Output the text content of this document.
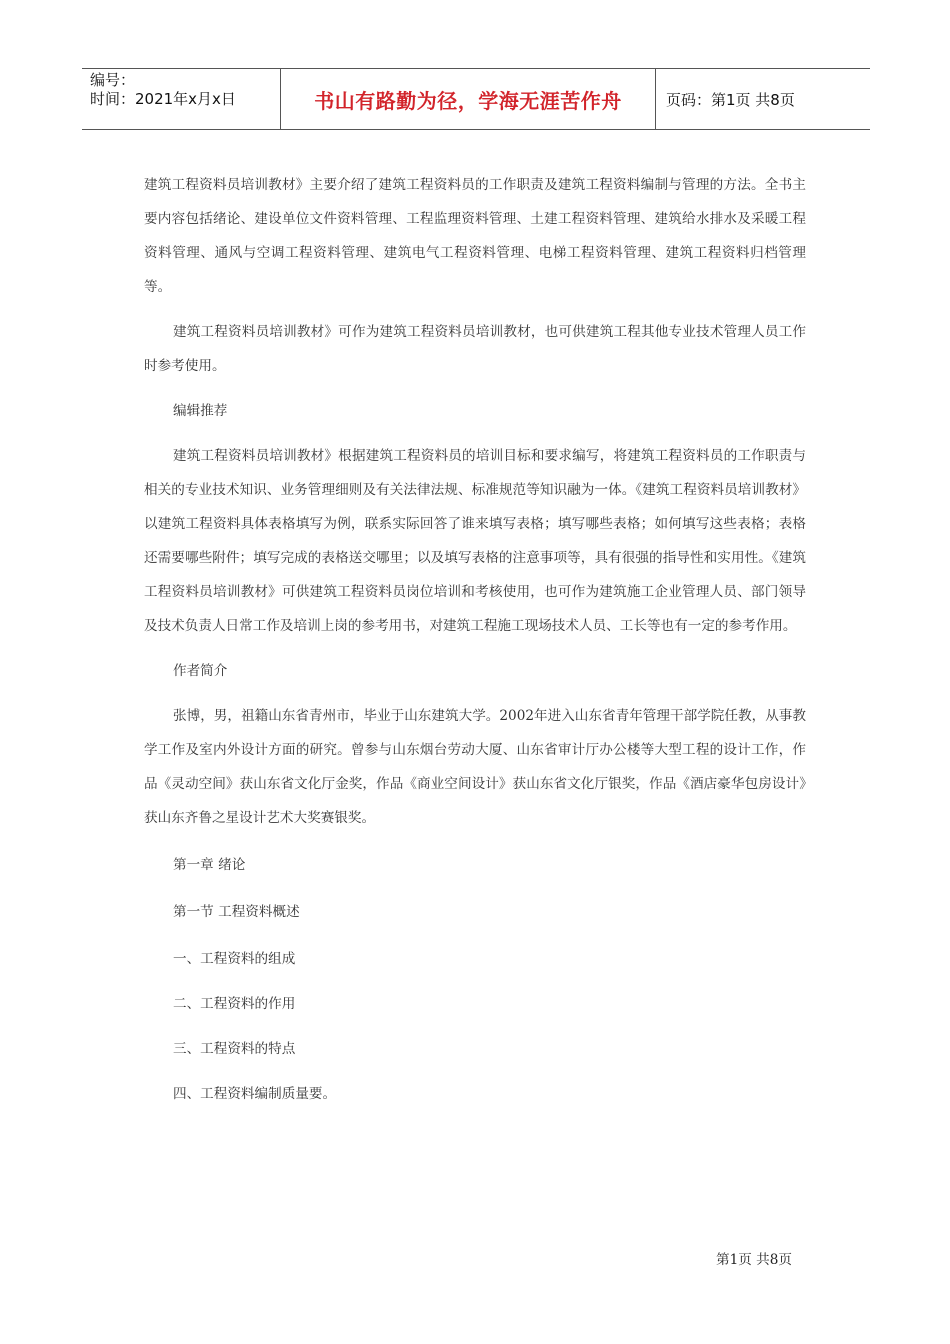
编号：
时间：2021年x月x日	书山有路勤为径，学海无涯苦作舟	页码：第1页 共8页

建筑工程资料员培训教材》主要介绍了建筑工程资料员的工作职责及建筑工程资料编制与管理的方法。全书主要内容包括绪论、建设单位文件资料管理、工程监理资料管理、土建工程资料管理、建筑给水排水及采暖工程资料管理、通风与空调工程资料管理、建筑电气工程资料管理、电梯工程资料管理、建筑工程资料归档管理等。

建筑工程资料员培训教材》可作为建筑工程资料员培训教材，也可供建筑工程其他专业技术管理人员工作时参考使用。

编辑推荐

建筑工程资料员培训教材》根据建筑工程资料员的培训目标和要求编写，将建筑工程资料员的工作职责与相关的专业技术知识、业务管理细则及有关法律法规、标准规范等知识融为一体。《建筑工程资料员培训教材》以建筑工程资料具体表格填写为例，联系实际回答了谁来填写表格；填写哪些表格；如何填写这些表格；表格还需要哪些附件；填写完成的表格送交哪里；以及填写表格的注意事项等，具有很强的指导性和实用性。《建筑工程资料员培训教材》可供建筑工程资料员岗位培训和考核使用，也可作为建筑施工企业管理人员、部门领导及技术负责人日常工作及培训上岗的参考用书，对建筑工程施工现场技术人员、工长等也有一定的参考作用。

作者简介

张博，男，祖籍山东省青州市，毕业于山东建筑大学。2002年进入山东省青年管理干部学院任教，从事教学工作及室内外设计方面的研究。曾参与山东烟台劳动大厦、山东省审计厅办公楼等大型工程的设计工作，作品《灵动空间》获山东省文化厅金奖，作品《商业空间设计》获山东省文化厅银奖，作品《酒店豪华包房设计》获山东齐鲁之星设计艺术大奖赛银奖。

第一章 绪论

第一节 工程资料概述

一、工程资料的组成

二、工程资料的作用

三、工程资料的特点

四、工程资料编制质量要。

第1页 共8页
